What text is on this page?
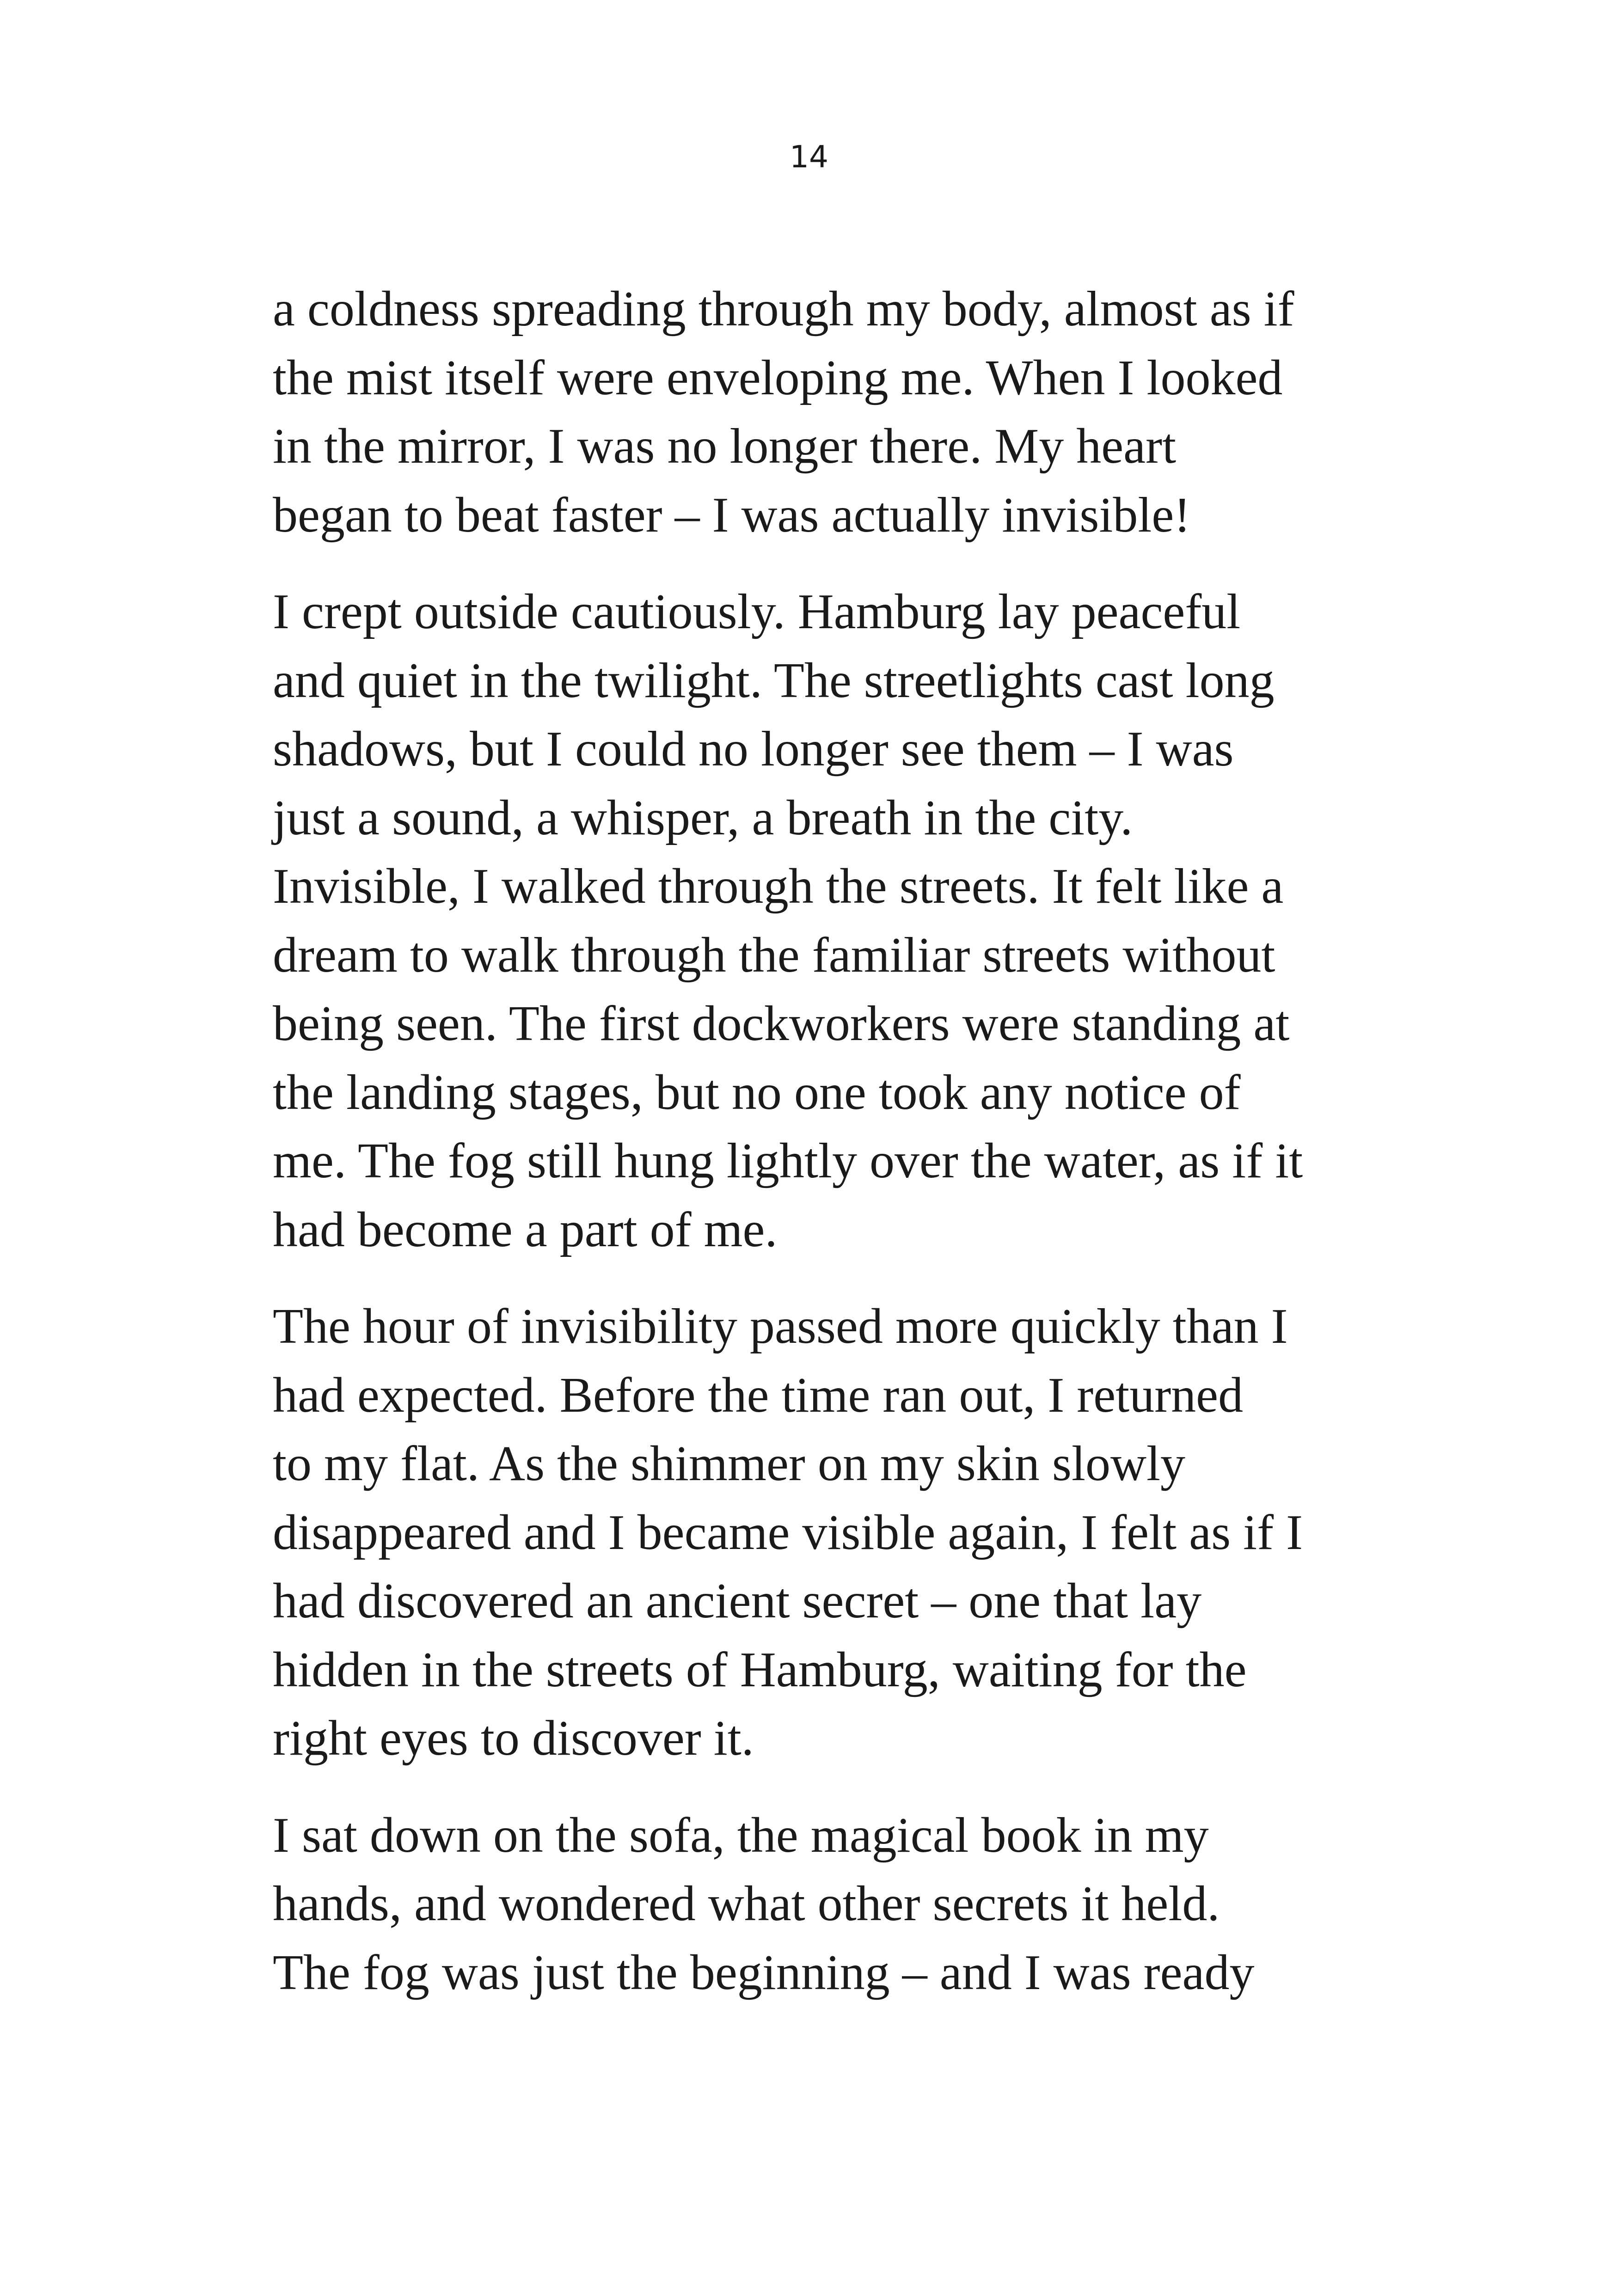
14

a coldness spreading through my body, almost as if
the mist itself were enveloping me. When I looked
in the mirror, I was no longer there. My heart
began to beat faster – I was actually invisible!

I crept outside cautiously. Hamburg lay peaceful
and quiet in the twilight. The streetlights cast long
shadows, but I could no longer see them – I was
just a sound, a whisper, a breath in the city.
Invisible, I walked through the streets. It felt like a
dream to walk through the familiar streets without
being seen. The first dockworkers were standing at
the landing stages, but no one took any notice of
me. The fog still hung lightly over the water, as if it
had become a part of me.

The hour of invisibility passed more quickly than I
had expected. Before the time ran out, I returned
to my flat. As the shimmer on my skin slowly
disappeared and I became visible again, I felt as if I
had discovered an ancient secret – one that lay
hidden in the streets of Hamburg, waiting for the
right eyes to discover it.

I sat down on the sofa, the magical book in my
hands, and wondered what other secrets it held.
The fog was just the beginning – and I was ready
